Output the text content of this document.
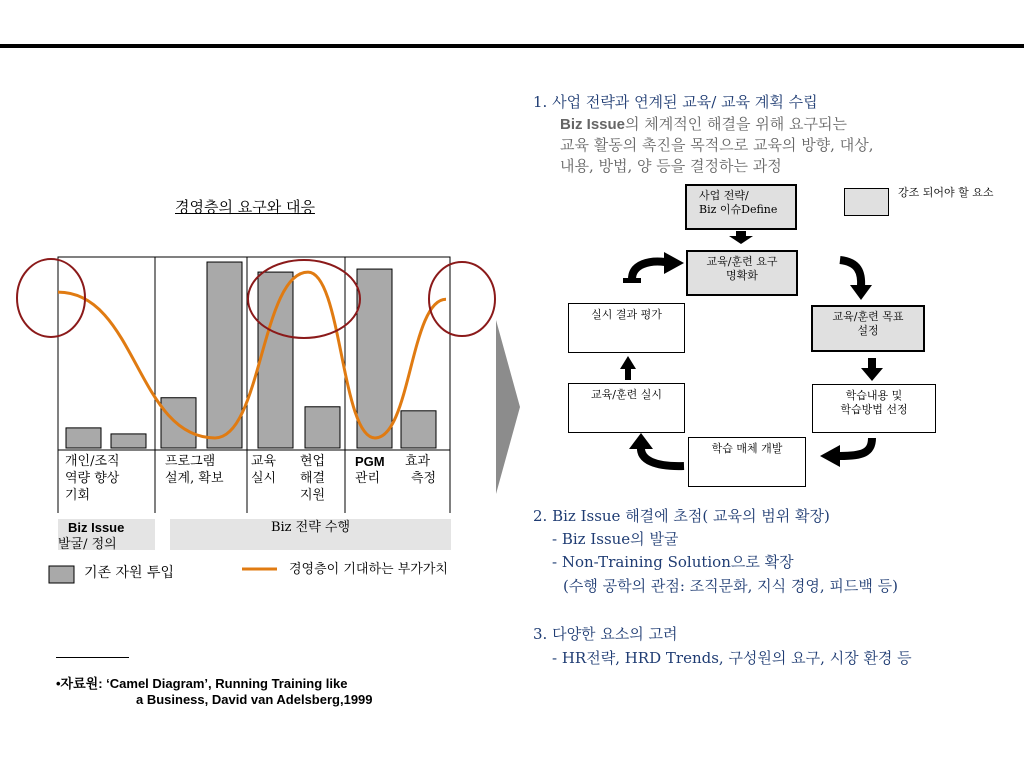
1. 사업 전략과 연계된 교육/ 교육 계획 수립
Biz Issue의 체계적인 해결을 위해 요구되는
교육 활동의 촉진을 목적으로 교육의 방향, 대상,
내용, 방법, 양 등을 결정하는 과정
2. Biz Issue 해결에 초점( 교육의 범위 확장)
- Biz Issue의 발굴
- Non-Training Solution으로 확장
(수행 공학의 관점: 조직문화, 지식 경영, 피드백 등)
3. 다양한 요소의 고려
- HR전략, HRD Trends, 구성원의 요구, 시장 환경 등
사업 전략/
Biz 이슈Define
강조 되어야 할 요소
교육/훈련 요구
명확화
실시 결과 평가	교육/훈련 목표
설정
교육/훈련 실시	학습내용 및
학습방법 선정
학습 매체 개발
경영층의 요구와 대응
개인/조직
역량 향상
기회
프로그램
설계, 확보
교육
실시
현업
해결
지원
PGM
관리
효과
측정
Biz Issue
발굴/ 정의
Biz 전략 수행
기존 자원 투입	경영층이 기대하는 부가가치
•자료원: ‘Camel Diagram’, Running Training like
a Business, David van Adelsberg,1999
